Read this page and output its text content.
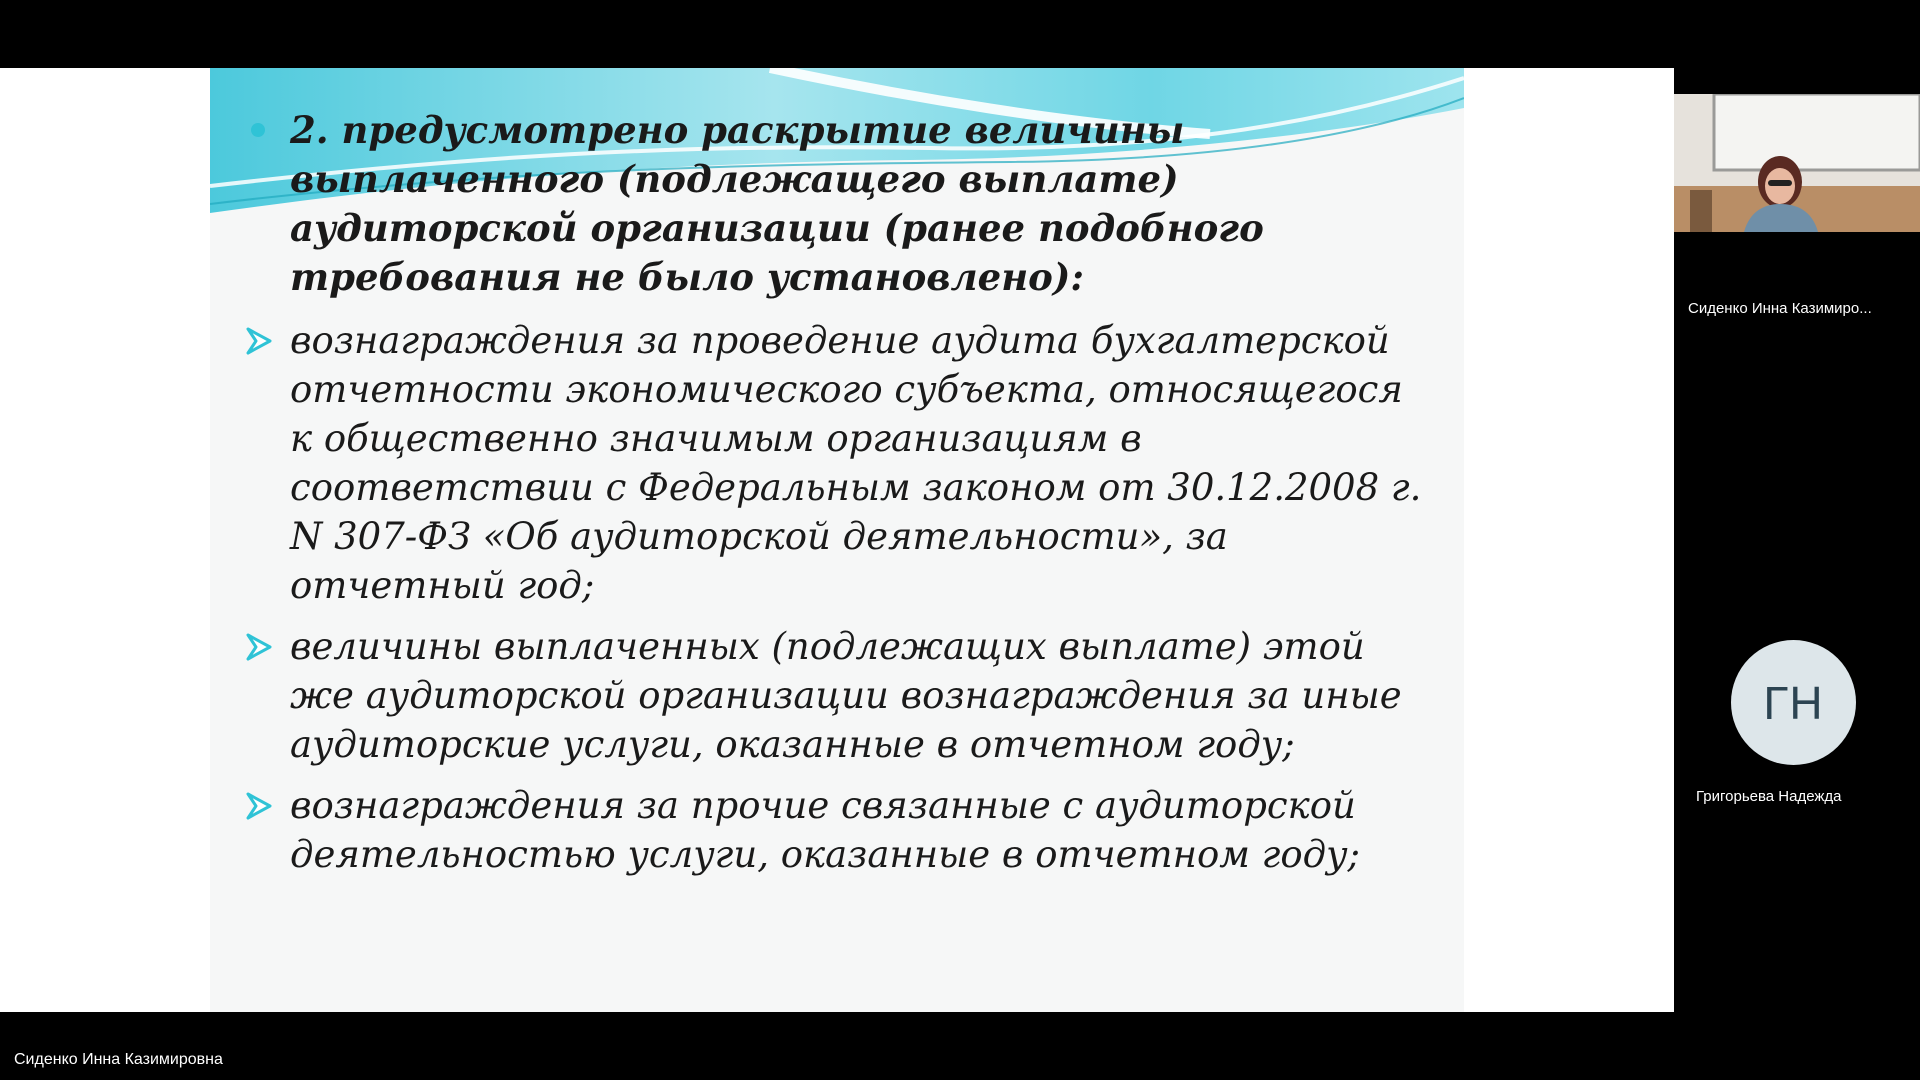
2. предусмотрено раскрытие величины выплаченного (подлежащего выплате) аудиторской организации (ранее подобного требования не было установлено):
вознаграждения за проведение аудита бухгалтерской отчетности экономического субъекта, относящегося к общественно значимым организациям в соответствии с Федеральным законом от 30.12.2008 г. N 307-ФЗ «Об аудиторской деятельности», за отчетный год;
величины выплаченных (подлежащих выплате) этой же аудиторской организации вознаграждения за иные аудиторские услуги, оказанные в отчетном году;
вознаграждения за прочие связанные с аудиторской деятельностью услуги, оказанные в отчетном году;
Сиденко Инна Казимиро...
ГН
Григорьева Надежда
Сиденко Инна Казимировна
